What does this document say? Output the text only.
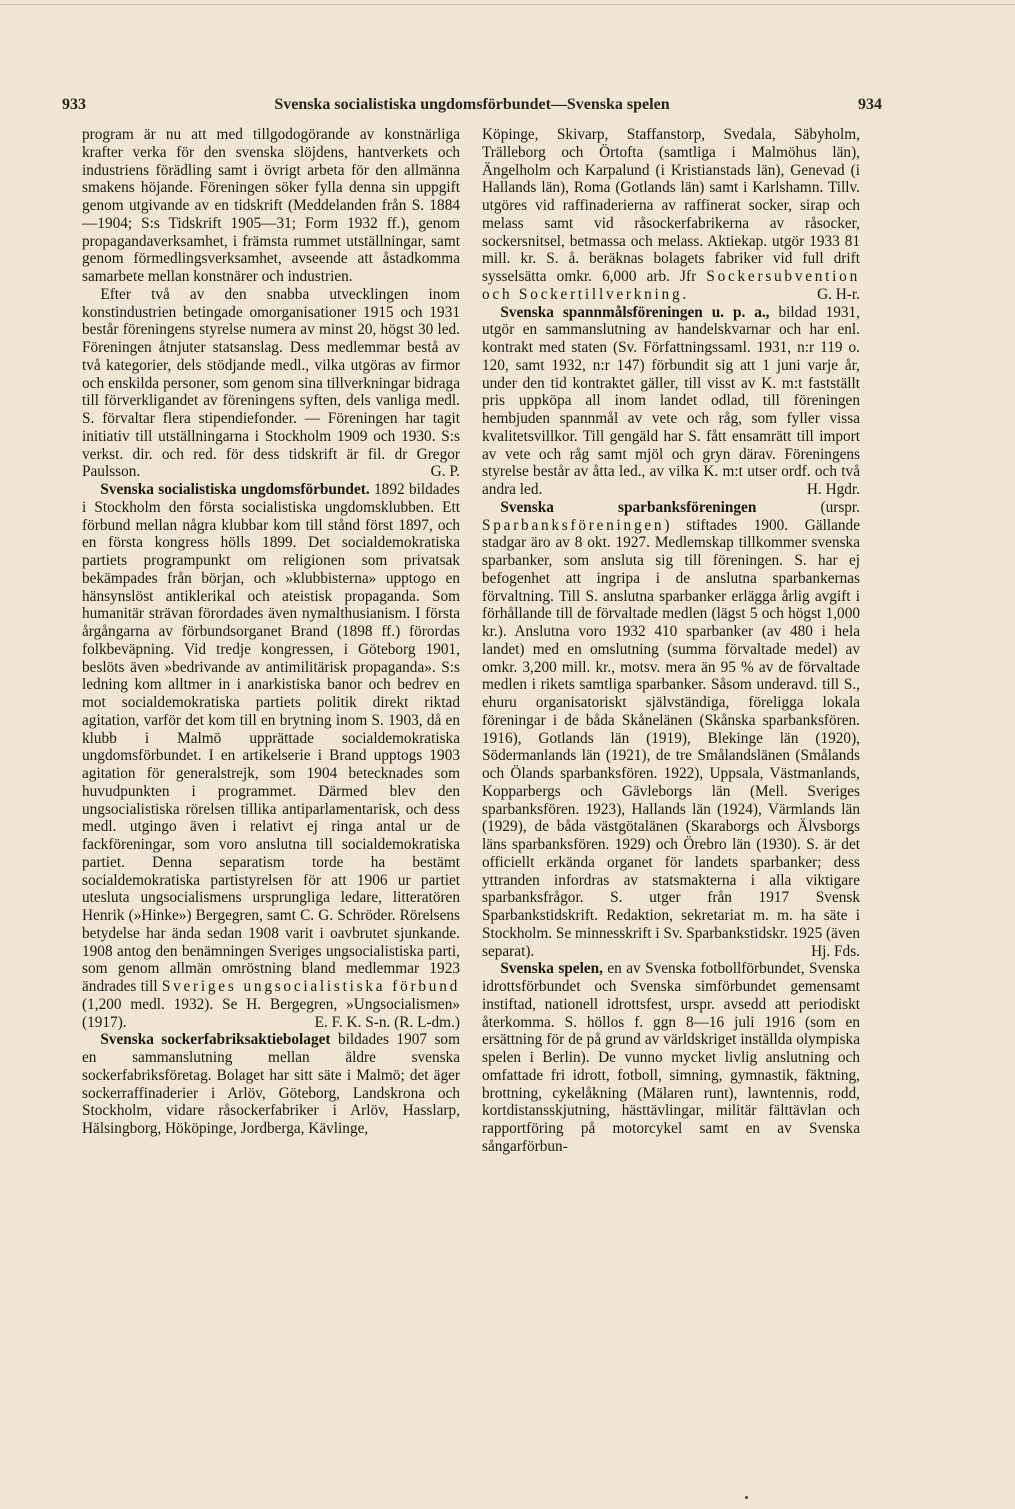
933	Svenska socialistiska ungdomsförbundet—Svenska spelen	934

program är nu att med tillgodogörande av konstnärliga krafter verka för den svenska slöjdens, hantverkets och industriens förädling samt i övrigt arbeta för den allmänna smakens höjande. Föreningen söker fylla denna sin uppgift genom utgivande av en tidskrift (Meddelanden från S. 1884—1904; S:s Tidskrift 1905—31; Form 1932 ff.), genom propagandaverksamhet, i främsta rummet utställningar, samt genom förmedlingsverksamhet, avseende att åstadkomma samarbete mellan konstnärer och industrien.

Efter två av den snabba utvecklingen inom konstindustrien betingade omorganisationer 1915 och 1931 består föreningens styrelse numera av minst 20, högst 30 led. Föreningen åtnjuter statsanslag. Dess medlemmar bestå av två kategorier, dels stödjande medl., vilka utgöras av firmor och enskilda personer, som genom sina tillverkningar bidraga till förverkligandet av föreningens syften, dels vanliga medl. S. förvaltar flera stipendiefonder. — Föreningen har tagit initiativ till utställningarna i Stockholm 1909 och 1930. S:s verkst. dir. och red. för dess tidskrift är fil. dr Gregor Paulsson.	G. P.

Svenska socialistiska ungdomsförbundet. 1892 bildades i Stockholm den första socialistiska ungdomsklubben. Ett förbund mellan några klubbar kom till stånd först 1897, och en första kongress hölls 1899. Det socialdemokratiska partiets programpunkt om religionen som privatsak bekämpades från början, och »klubbisterna» upptogo en hänsynslöst antiklerikal och ateistisk propaganda. Som humanitär strävan förordades även nymalthusianism. I första årgångarna av förbundsorganet Brand (1898 ff.) förordas folkbeväpning. Vid tredje kongressen, i Göteborg 1901, beslöts även »bedrivande av antimilitärisk propaganda». S:s ledning kom alltmer in i anarkistiska banor och bedrev en mot socialdemokratiska partiets politik direkt riktad agitation, varför det kom till en brytning inom S. 1903, då en klubb i Malmö upprättade socialdemokratiska ungdomsförbundet. I en artikelserie i Brand upptogs 1903 agitation för generalstrejk, som 1904 betecknades som huvudpunkten i programmet. Därmed blev den ungsocialistiska rörelsen tillika antiparlamentarisk, och dess medl. utgingo även i relativt ej ringa antal ur de fackföreningar, som voro anslutna till socialdemokratiska partiet. Denna separatism torde ha bestämt socialdemokratiska partistyrelsen för att 1906 ur partiet utesluta ungsocialismens ursprungliga ledare, litteratören Henrik (»Hinke») Bergegren, samt C. G. Schröder. Rörelsens betydelse har ända sedan 1908 varit i oavbrutet sjunkande. 1908 antog den benämningen Sveriges ungsocialistiska parti, som genom allmän omröstning bland medlemmar 1923 ändrades till Sveriges ungsocialistiska förbund (1,200 medl. 1932). Se H. Bergegren, »Ungsocialismen» (1917).	E. F. K. S-n. (R. L-dm.)

Svenska sockerfabriksaktiebolaget bildades 1907 som en sammanslutning mellan äldre svenska sockerfabriksföretag. Bolaget har sitt säte i Malmö; det äger sockerraffinaderier i Arlöv, Göteborg, Landskrona och Stockholm, vidare råsockerfabriker i Arlöv, Hasslarp, Hälsingborg, Hököpinge, Jordberga, Kävlinge,

Köpinge, Skivarp, Staffanstorp, Svedala, Säbyholm, Trälleborg och Örtofta (samtliga i Malmöhus län), Ängelholm och Karpalund (i Kristianstads län), Genevad (i Hallands län), Roma (Gotlands län) samt i Karlshamn. Tillv. utgöres vid raffinaderierna av raffinerat socker, sirap och melass samt vid råsockerfabrikerna av råsocker, sockersnitsel, betmassa och melass. Aktiekap. utgör 1933 81 mill. kr. S. å. beräknas bolagets fabriker vid full drift sysselsätta omkr. 6,000 arb. Jfr Sockersubvention och Sockertillverkning.	G. H-r.

Svenska spannmålsföreningen u. p. a., bildad 1931, utgör en sammanslutning av handelskvarnar och har enl. kontrakt med staten (Sv. Författningssaml. 1931, n:r 119 o. 120, samt 1932, n:r 147) förbundit sig att 1 juni varje år, under den tid kontraktet gäller, till visst av K. m:t fastställt pris uppköpa all inom landet odlad, till föreningen hembjuden spannmål av vete och råg, som fyller vissa kvalitetsvillkor. Till gengäld har S. fått ensamrätt till import av vete och råg samt mjöl och gryn därav. Föreningens styrelse består av åtta led., av vilka K. m:t utser ordf. och två andra led.	H. Hgdr.

Svenska sparbanksföreningen	(urspr. Sparbanksföreningen) stiftades 1900. Gällande stadgar äro av 8 okt. 1927. Medlemskap tillkommer svenska sparbanker, som ansluta sig till föreningen. S. har ej befogenhet att ingripa i de anslutna sparbankernas förvaltning. Till S. anslutna sparbanker erlägga årlig avgift i förhållande till de förvaltade medlen (lägst 5 och högst 1,000 kr.). Anslutna voro 1932 410 sparbanker (av 480 i hela landet) med en omslutning (summa förvaltade medel) av omkr. 3,200 mill. kr., motsv. mera än 95 % av de förvaltade medlen i rikets samtliga sparbanker. Såsom underavd. till S., ehuru organisatoriskt självständiga, föreligga lokala föreningar i de båda Skånelänen (Skånska sparbanksfören. 1916), Gotlands län (1919), Blekinge län (1920), Södermanlands län (1921), de tre Smålandslänen (Smålands och Ölands sparbanksfören. 1922), Uppsala, Västmanlands, Kopparbergs och Gävleborgs län (Mell. Sveriges sparbanksfören. 1923), Hallands län (1924), Värmlands län (1929), de båda västgötalänen (Skaraborgs och Älvsborgs läns sparbanksfören. 1929) och Örebro län (1930). S. är det officiellt erkända organet för landets sparbanker; dess yttranden infordras av statsmakterna i alla viktigare sparbanksfrågor. S. utger från 1917 Svensk Sparbankstidskrift. Redaktion, sekretariat m. m. ha säte i Stockholm. Se minnesskrift i Sv. Sparbankstidskr. 1925 (även separat).	Hj. Fds.

Svenska spelen, en av Svenska fotbollförbundet, Svenska idrottsförbundet och Svenska simförbundet gemensamt instiftad, nationell idrottsfest, urspr. avsedd att periodiskt återkomma. S. höllos f. ggn 8—16 juli 1916 (som en ersättning för de på grund av världskriget inställda olympiska spelen i Berlin). De vunno mycket livlig anslutning och omfattade fri idrott, fotboll, simning, gymnastik, fäktning, brottning, cykelåkning (Mälaren runt), lawntennis, rodd, kortdistansskjutning, hästtävlingar, militär fälttävlan och rapportföring på motorcykel samt en av Svenska sångarförbun-
